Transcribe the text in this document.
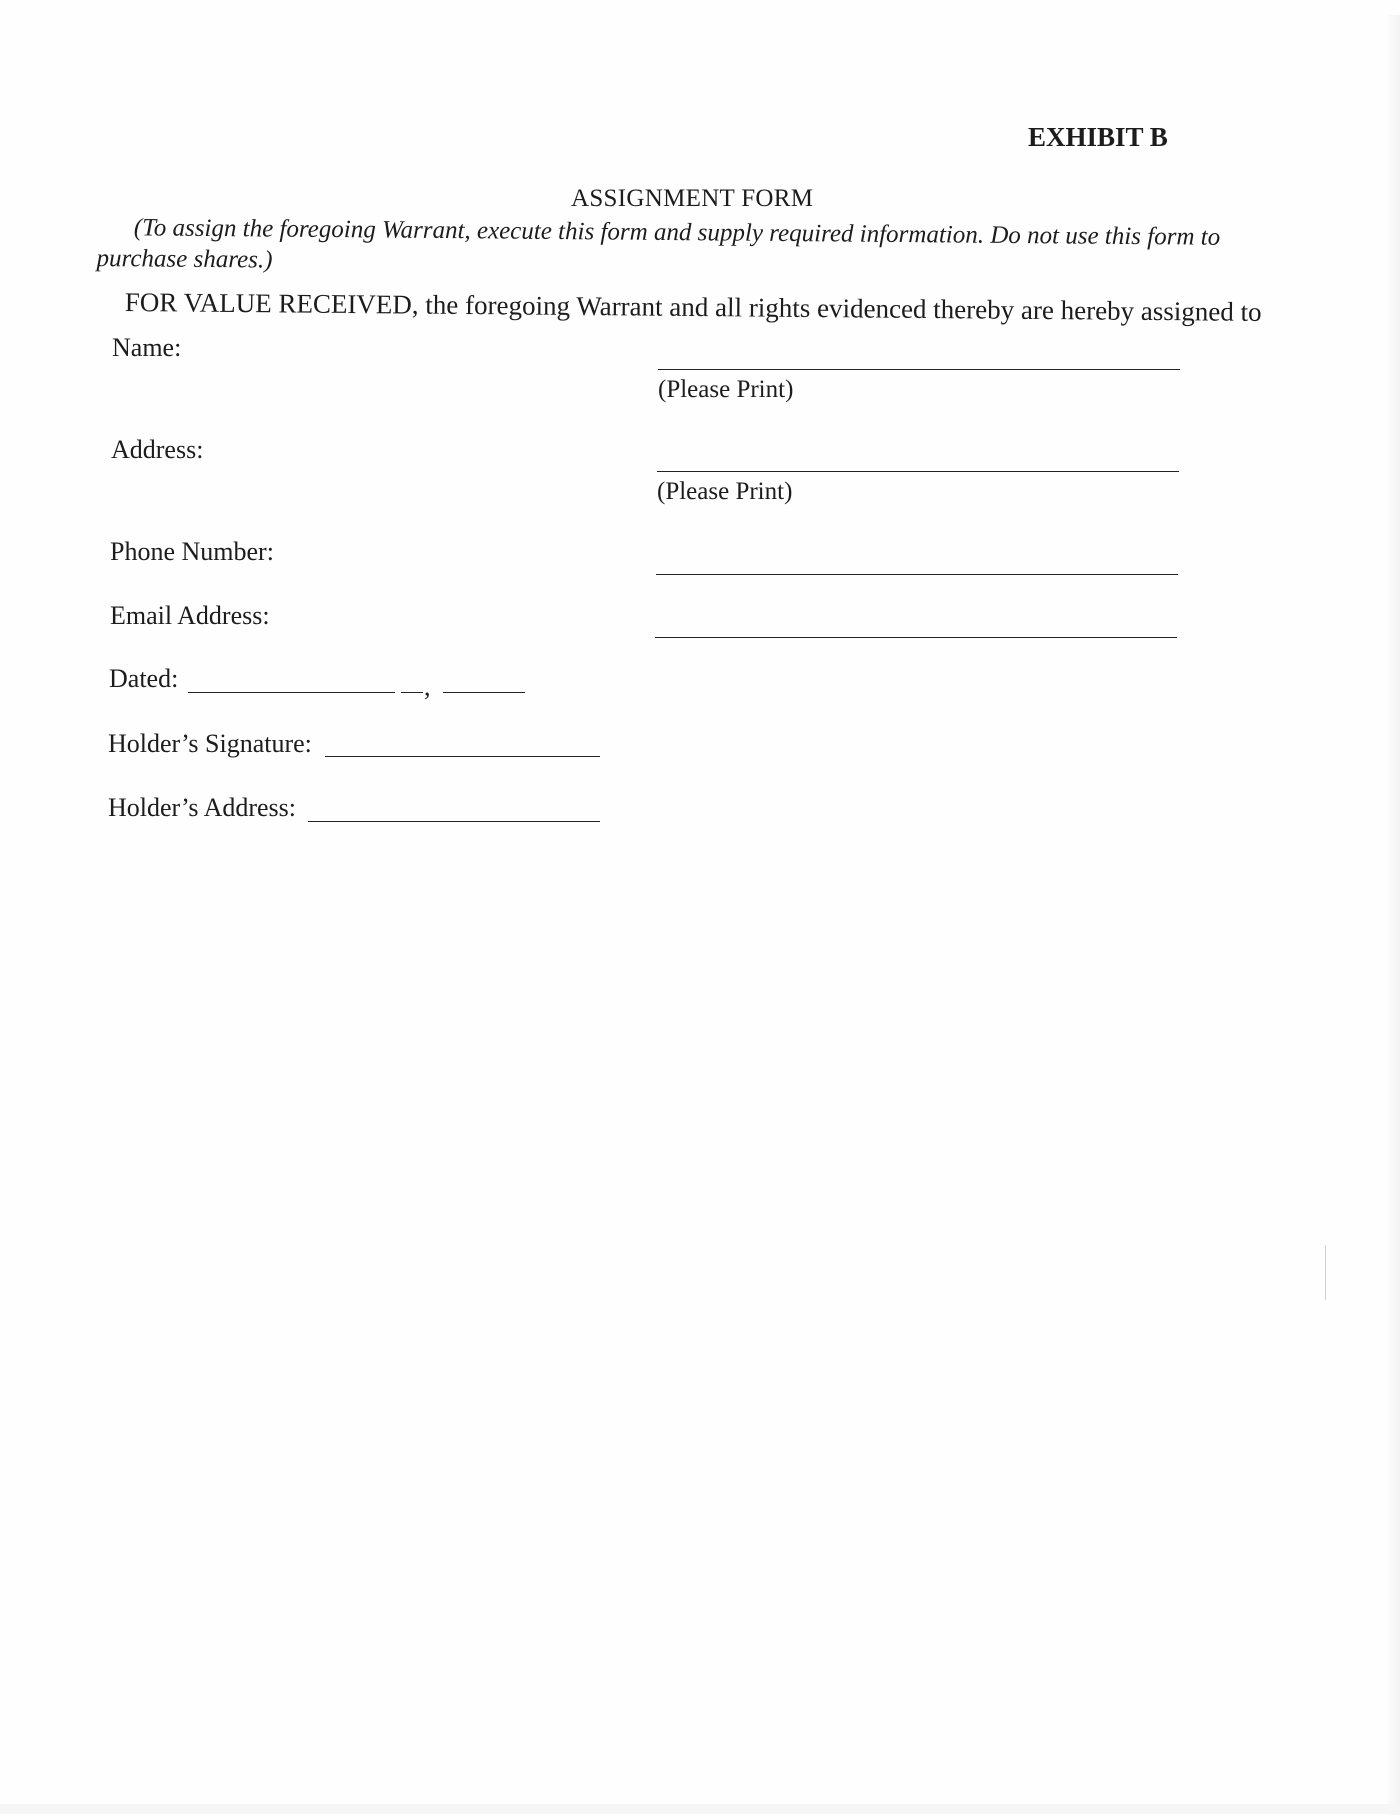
EXHIBIT B
ASSIGNMENT FORM
(To assign the foregoing Warrant, execute this form and supply required information. Do not use this form to purchase shares.)
FOR VALUE RECEIVED, the foregoing Warrant and all rights evidenced thereby are hereby assigned to
Name:
(Please Print)
Address:
(Please Print)
Phone Number:
Email Address:
Dated:	,
Holder’s Signature:
Holder’s Address:
